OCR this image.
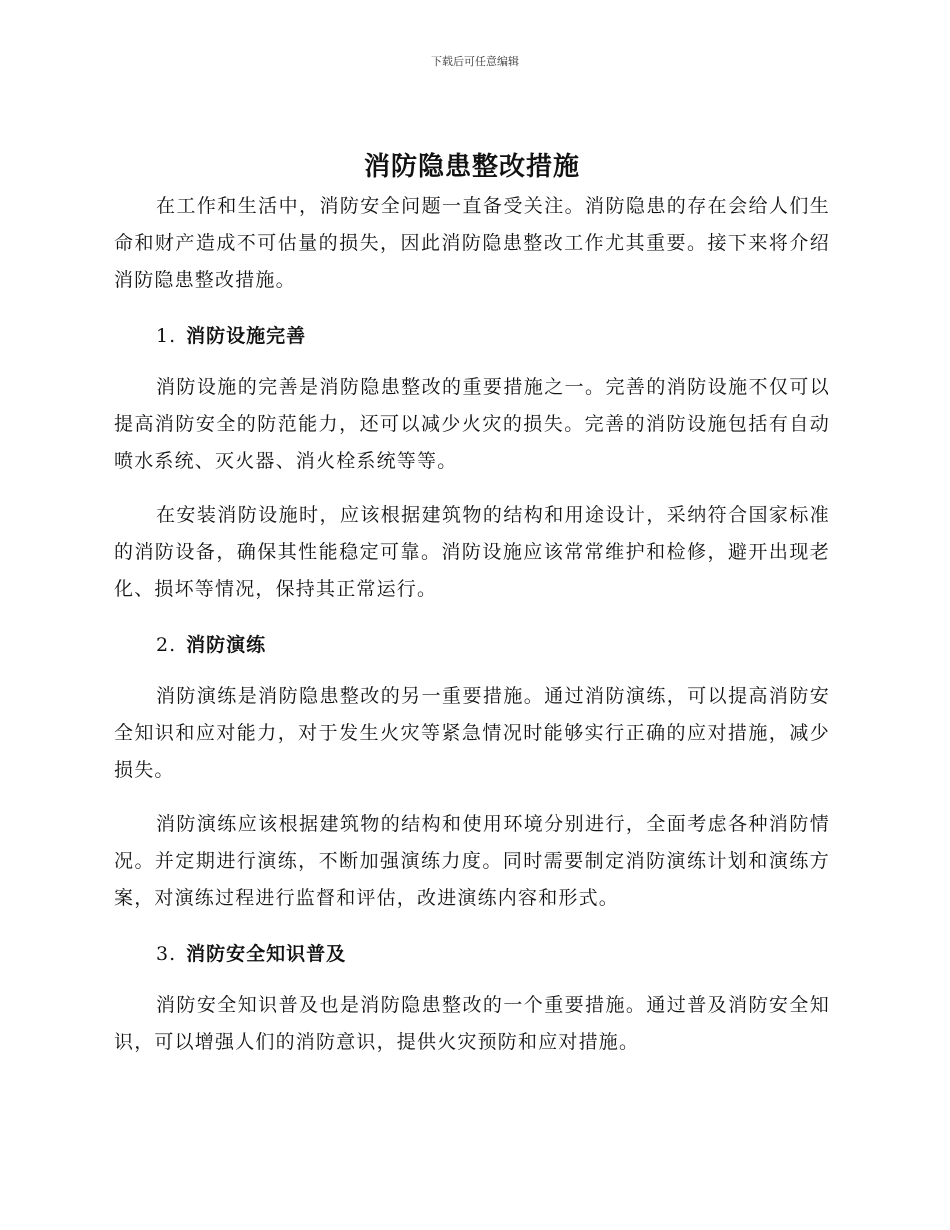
下载后可任意编辑
消防隐患整改措施

在工作和生活中，消防安全问题一直备受关注。消防隐患的存在会给人们生命和财产造成不可估量的损失，因此消防隐患整改工作尤其重要。接下来将介绍消防隐患整改措施。

1. 消防设施完善

消防设施的完善是消防隐患整改的重要措施之一。完善的消防设施不仅可以提高消防安全的防范能力，还可以减少火灾的损失。完善的消防设施包括有自动喷水系统、灭火器、消火栓系统等等。

在安装消防设施时，应该根据建筑物的结构和用途设计，采纳符合国家标准的消防设备，确保其性能稳定可靠。消防设施应该常常维护和检修，避开出现老化、损坏等情况，保持其正常运行。

2. 消防演练

消防演练是消防隐患整改的另一重要措施。通过消防演练，可以提高消防安全知识和应对能力，对于发生火灾等紧急情况时能够实行正确的应对措施，减少损失。

消防演练应该根据建筑物的结构和使用环境分别进行，全面考虑各种消防情况。并定期进行演练，不断加强演练力度。同时需要制定消防演练计划和演练方案，对演练过程进行监督和评估，改进演练内容和形式。

3. 消防安全知识普及

消防安全知识普及也是消防隐患整改的一个重要措施。通过普及消防安全知识，可以增强人们的消防意识，提供火灾预防和应对措施。
